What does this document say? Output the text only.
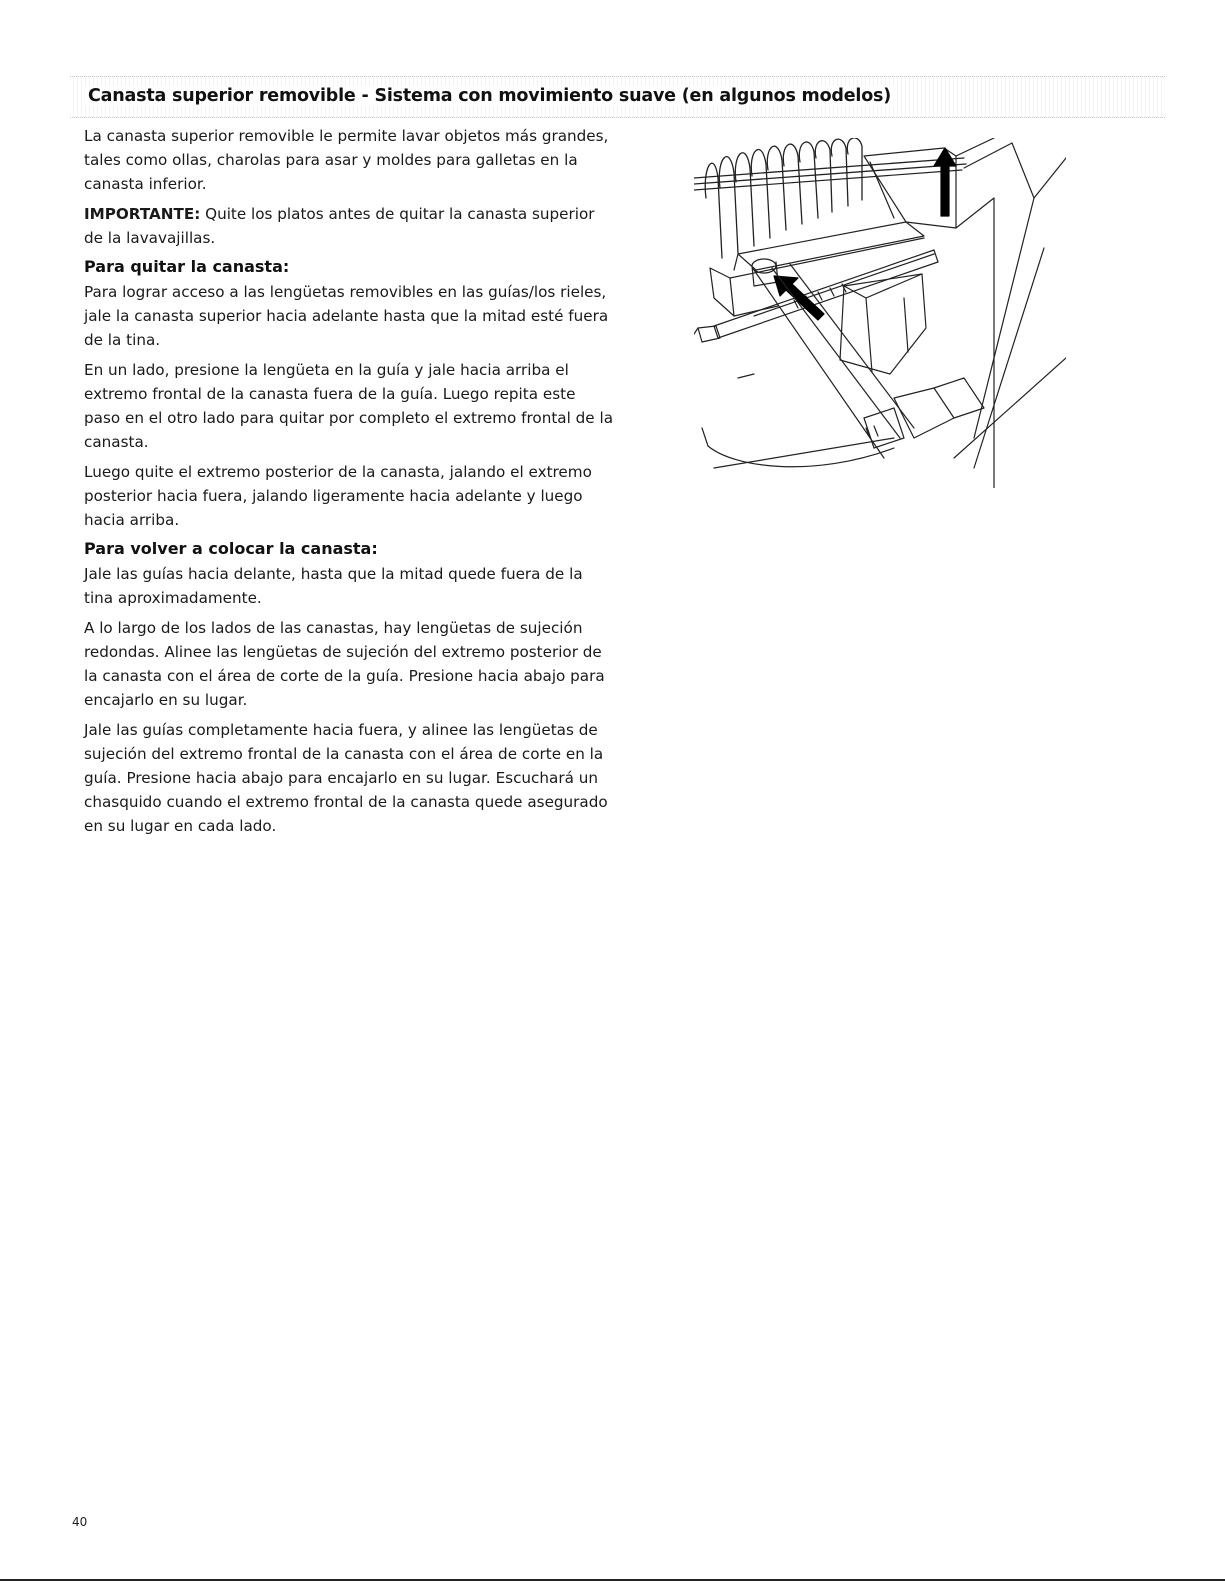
Canasta superior removible - Sistema con movimiento suave (en algunos modelos)

La canasta superior removible le permite lavar objetos más grandes, tales como ollas, charolas para asar y moldes para galletas en la canasta inferior.

IMPORTANTE: Quite los platos antes de quitar la canasta superior de la lavavajillas.

Para quitar la canasta:

Para lograr acceso a las lengüetas removibles en las guías/los rieles, jale la canasta superior hacia adelante hasta que la mitad esté fuera de la tina.

En un lado, presione la lengüeta en la guía y jale hacia arriba el extremo frontal de la canasta fuera de la guía. Luego repita este paso en el otro lado para quitar por completo el extremo frontal de la canasta.

Luego quite el extremo posterior de la canasta, jalando el extremo posterior hacia fuera, jalando ligeramente hacia adelante y luego hacia arriba.

Para volver a colocar la canasta:

Jale las guías hacia delante, hasta que la mitad quede fuera de la tina aproximadamente.

A lo largo de los lados de las canastas, hay lengüetas de sujeción redondas. Alinee las lengüetas de sujeción del extremo posterior de la canasta con el área de corte de la guía. Presione hacia abajo para encajarlo en su lugar.

Jale las guías completamente hacia fuera, y alinee las lengüetas de sujeción del extremo frontal de la canasta con el área de corte en la guía. Presione hacia abajo para encajarlo en su lugar. Escuchará un chasquido cuando el extremo frontal de la canasta quede asegurado en su lugar en cada lado.

40
